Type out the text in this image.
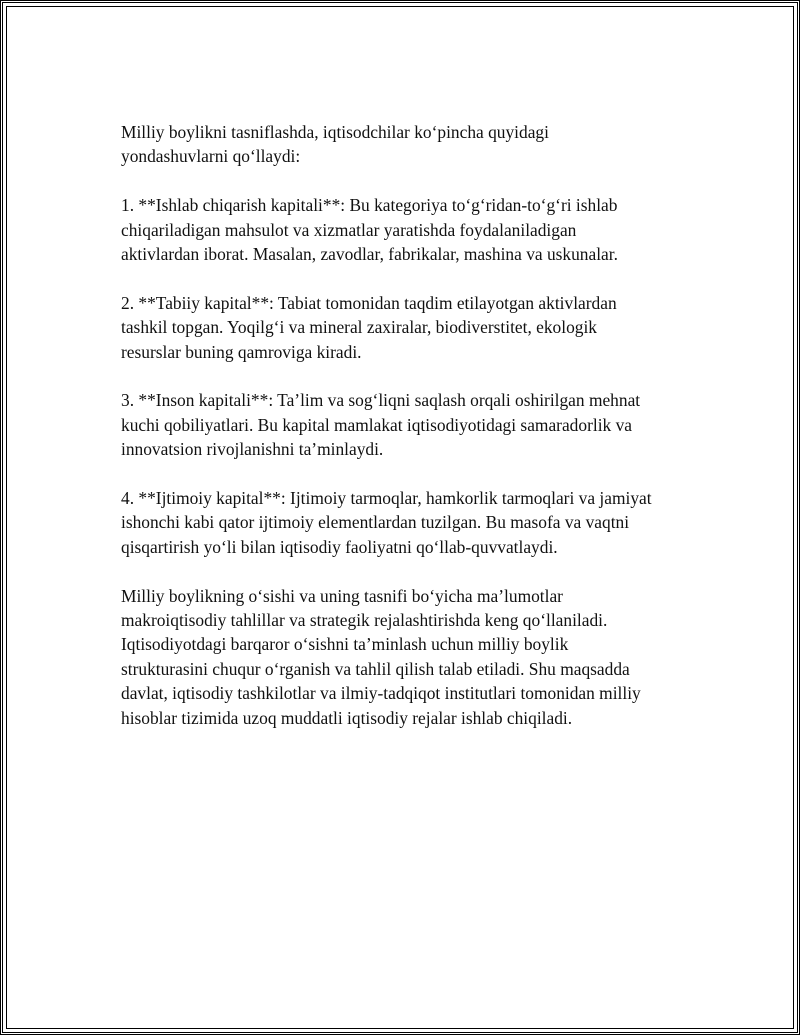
Milliy boylikni tasniflashda, iqtisodchilar ko‘pincha quyidagi
yondashuvlarni qo‘llaydi:

1. **Ishlab chiqarish kapitali**: Bu kategoriya to‘g‘ridan-to‘g‘ri ishlab
chiqariladigan mahsulot va xizmatlar yaratishda foydalaniladigan
aktivlardan iborat. Masalan, zavodlar, fabrikalar, mashina va uskunalar.

2. **Tabiiy kapital**: Tabiat tomonidan taqdim etilayotgan aktivlardan
tashkil topgan. Yoqilg‘i va mineral zaxiralar, biodiverstitet, ekologik
resurslar buning qamroviga kiradi.

3. **Inson kapitali**: Ta’lim va sog‘liqni saqlash orqali oshirilgan mehnat
kuchi qobiliyatlari. Bu kapital mamlakat iqtisodiyotidagi samaradorlik va
innovatsion rivojlanishni ta’minlaydi.

4. **Ijtimoiy kapital**: Ijtimoiy tarmoqlar, hamkorlik tarmoqlari va jamiyat
ishonchi kabi qator ijtimoiy elementlardan tuzilgan. Bu masofa va vaqtni
qisqartirish yo‘li bilan iqtisodiy faoliyatni qo‘llab-quvvatlaydi.

Milliy boylikning o‘sishi va uning tasnifi bo‘yicha ma’lumotlar
makroiqtisodiy tahlillar va strategik rejalashtirishda keng qo‘llaniladi.
Iqtisodiyotdagi barqaror o‘sishni ta’minlash uchun milliy boylik
strukturasini chuqur o‘rganish va tahlil qilish talab etiladi. Shu maqsadda
davlat, iqtisodiy tashkilotlar va ilmiy-tadqiqot institutlari tomonidan milliy
hisoblar tizimida uzoq muddatli iqtisodiy rejalar ishlab chiqiladi.
